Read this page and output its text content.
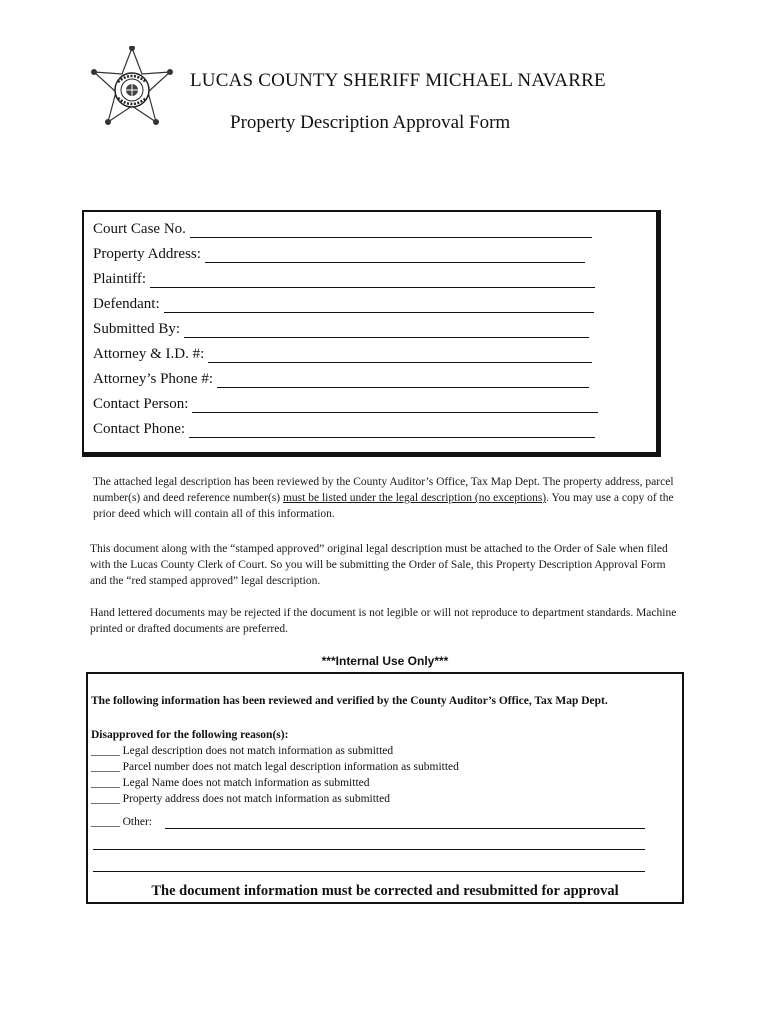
LUCAS COUNTY SHERIFF MICHAEL NAVARRE
Property Description Approval Form
Court Case No.
Property Address:
Plaintiff:
Defendant:
Submitted By:
Attorney & I.D. #:
Attorney’s Phone #:
Contact Person:
Contact Phone:
The attached legal description has been reviewed by the County Auditor’s Office, Tax Map Dept. The property address, parcel number(s) and deed reference number(s) must be listed under the legal description (no exceptions). You may use a copy of the prior deed which will contain all of this information.
This document along with the “stamped approved” original legal description must be attached to the Order of Sale when filed with the Lucas County Clerk of Court. So you will be submitting the Order of Sale, this Property Description Approval Form and the “red stamped approved” legal description.
Hand lettered documents may be rejected if the document is not legible or will not reproduce to department standards. Machine printed or drafted documents are preferred.
***Internal Use Only***
The following information has been reviewed and verified by the County Auditor’s Office, Tax Map Dept.
Disapproved for the following reason(s):
_____ Legal description does not match information as submitted
_____ Parcel number does not match legal description information as submitted
_____ Legal Name does not match information as submitted
_____ Property address does not match information as submitted
_____ Other:
The document information must be corrected and resubmitted for approval
